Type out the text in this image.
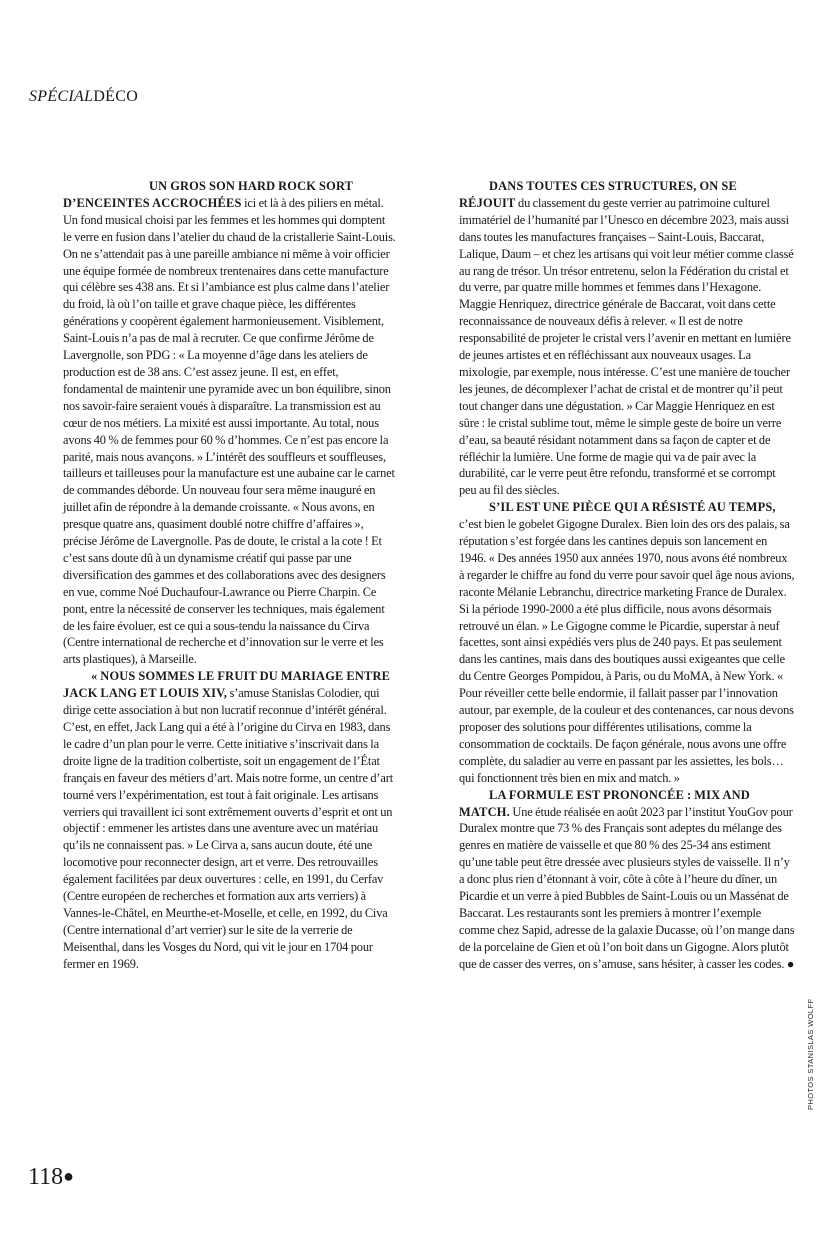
SPÉCIALDÉCO

UN GROS SON HARD ROCK SORT D’ENCEINTES ACCROCHÉES ici et là à des piliers en métal. Un fond musical choisi par les femmes et les hommes qui domptent le verre en fusion dans l’atelier du chaud de la cristallerie Saint-Louis. On ne s’attendait pas à une pareille ambiance ni même à voir officier une équipe formée de nombreux trentenaires dans cette manufacture qui célèbre ses 438 ans. Et si l’ambiance est plus calme dans l’atelier du froid, là où l’on taille et grave chaque pièce, les différentes générations y coopèrent également harmonieusement. Visiblement, Saint-Louis n’a pas de mal à recruter. Ce que confirme Jérôme de Lavergnolle, son PDG : « La moyenne d’âge dans les ateliers de production est de 38 ans. C’est assez jeune. Il est, en effet, fondamental de maintenir une pyramide avec un bon équilibre, sinon nos savoir-faire seraient voués à disparaître. La transmission est au cœur de nos métiers. La mixité est aussi importante. Au total, nous avons 40 % de femmes pour 60 % d’hommes. Ce n’est pas encore la parité, mais nous avançons. » L’intérêt des souffleurs et souffleuses, tailleurs et tailleuses pour la manufacture est une aubaine car le carnet de commandes déborde. Un nouveau four sera même inauguré en juillet afin de répondre à la demande croissante. « Nous avons, en presque quatre ans, quasiment doublé notre chiffre d’affaires », précise Jérôme de Lavergnolle. Pas de doute, le cristal a la cote ! Et c’est sans doute dû à un dynamisme créatif qui passe par une diversification des gammes et des collaborations avec des designers en vue, comme Noé Duchaufour-Lawrance ou Pierre Charpin. Ce pont, entre la nécessité de conserver les techniques, mais également de les faire évoluer, est ce qui a sous-tendu la naissance du Cirva (Centre international de recherche et d’innovation sur le verre et les arts plastiques), à Marseille.

« NOUS SOMMES LE FRUIT DU MARIAGE ENTRE JACK LANG ET LOUIS XIV, s’amuse Stanislas Colodier, qui dirige cette association à but non lucratif reconnue d’intérêt général. C’est, en effet, Jack Lang qui a été à l’origine du Cirva en 1983, dans le cadre d’un plan pour le verre. Cette initiative s’inscrivait dans la droite ligne de la tradition colbertiste, soit un engagement de l’État français en faveur des métiers d’art. Mais notre forme, un centre d’art tourné vers l’expérimentation, est tout à fait originale. Les artisans verriers qui travaillent ici sont extrêmement ouverts d’esprit et ont un objectif : emmener les artistes dans une aventure avec un matériau qu’ils ne connaissent pas. » Le Cirva a, sans aucun doute, été une locomotive pour reconnecter design, art et verre. Des retrouvailles également facilitées par deux ouvertures : celle, en 1991, du Cerfav (Centre européen de recherches et formation aux arts verriers) à Vannes-le-Châtel, en Meurthe-et-Moselle, et celle, en 1992, du Civa (Centre international d’art verrier) sur le site de la verrerie de Meisenthal, dans les Vosges du Nord, qui vit le jour en 1704 pour fermer en 1969.

DANS TOUTES CES STRUCTURES, ON SE RÉJOUIT du classement du geste verrier au patrimoine culturel immatériel de l’humanité par l’Unesco en décembre 2023, mais aussi dans toutes les manufactures françaises – Saint-Louis, Baccarat, Lalique, Daum – et chez les artisans qui voit leur métier comme classé au rang de trésor. Un trésor entretenu, selon la Fédération du cristal et du verre, par quatre mille hommes et femmes dans l’Hexagone. Maggie Henriquez, directrice générale de Baccarat, voit dans cette reconnaissance de nouveaux défis à relever. « Il est de notre responsabilité de projeter le cristal vers l’avenir en mettant en lumière de jeunes artistes et en réfléchissant aux nouveaux usages. La mixologie, par exemple, nous intéresse. C’est une manière de toucher les jeunes, de décomplexer l’achat de cristal et de montrer qu’il peut tout changer dans une dégustation. » Car Maggie Henriquez en est sûre : le cristal sublime tout, même le simple geste de boire un verre d’eau, sa beauté résidant notamment dans sa façon de capter et de réfléchir la lumière. Une forme de magie qui va de pair avec la durabilité, car le verre peut être refondu, transformé et se corrompt peu au fil des siècles.

S’IL EST UNE PIÈCE QUI A RÉSISTÉ AU TEMPS, c’est bien le gobelet Gigogne Duralex. Bien loin des ors des palais, sa réputation s’est forgée dans les cantines depuis son lancement en 1946. « Des années 1950 aux années 1970, nous avons été nombreux à regarder le chiffre au fond du verre pour savoir quel âge nous avions, raconte Mélanie Lebranchu, directrice marketing France de Duralex. Si la période 1990-2000 a été plus difficile, nous avons désormais retrouvé un élan. » Le Gigogne comme le Picardie, superstar à neuf facettes, sont ainsi expédiés vers plus de 240 pays. Et pas seulement dans les cantines, mais dans des boutiques aussi exigeantes que celle du Centre Georges Pompidou, à Paris, ou du MoMA, à New York. « Pour réveiller cette belle endormie, il fallait passer par l’innovation autour, par exemple, de la couleur et des contenances, car nous devons proposer des solutions pour différentes utilisations, comme la consommation de cocktails. De façon générale, nous avons une offre complète, du saladier au verre en passant par les assiettes, les bols… qui fonctionnent très bien en mix and match. »

LA FORMULE EST PRONONCÉE : MIX AND MATCH. Une étude réalisée en août 2023 par l’institut YouGov pour Duralex montre que 73 % des Français sont adeptes du mélange des genres en matière de vaisselle et que 80 % des 25-34 ans estiment qu’une table peut être dressée avec plusieurs styles de vaisselle. Il n’y a donc plus rien d’étonnant à voir, côte à côte à l’heure du dîner, un Picardie et un verre à pied Bubbles de Saint-Louis ou un Massénat de Baccarat. Les restaurants sont les premiers à montrer l’exemple comme chez Sapid, adresse de la galaxie Ducasse, où l’on mange dans de la porcelaine de Gien et où l’on boit dans un Gigogne. Alors plutôt que de casser des verres, on s’amuse, sans hésiter, à casser les codes. ●

118●
PHOTOS STANISLAS WOLFF
